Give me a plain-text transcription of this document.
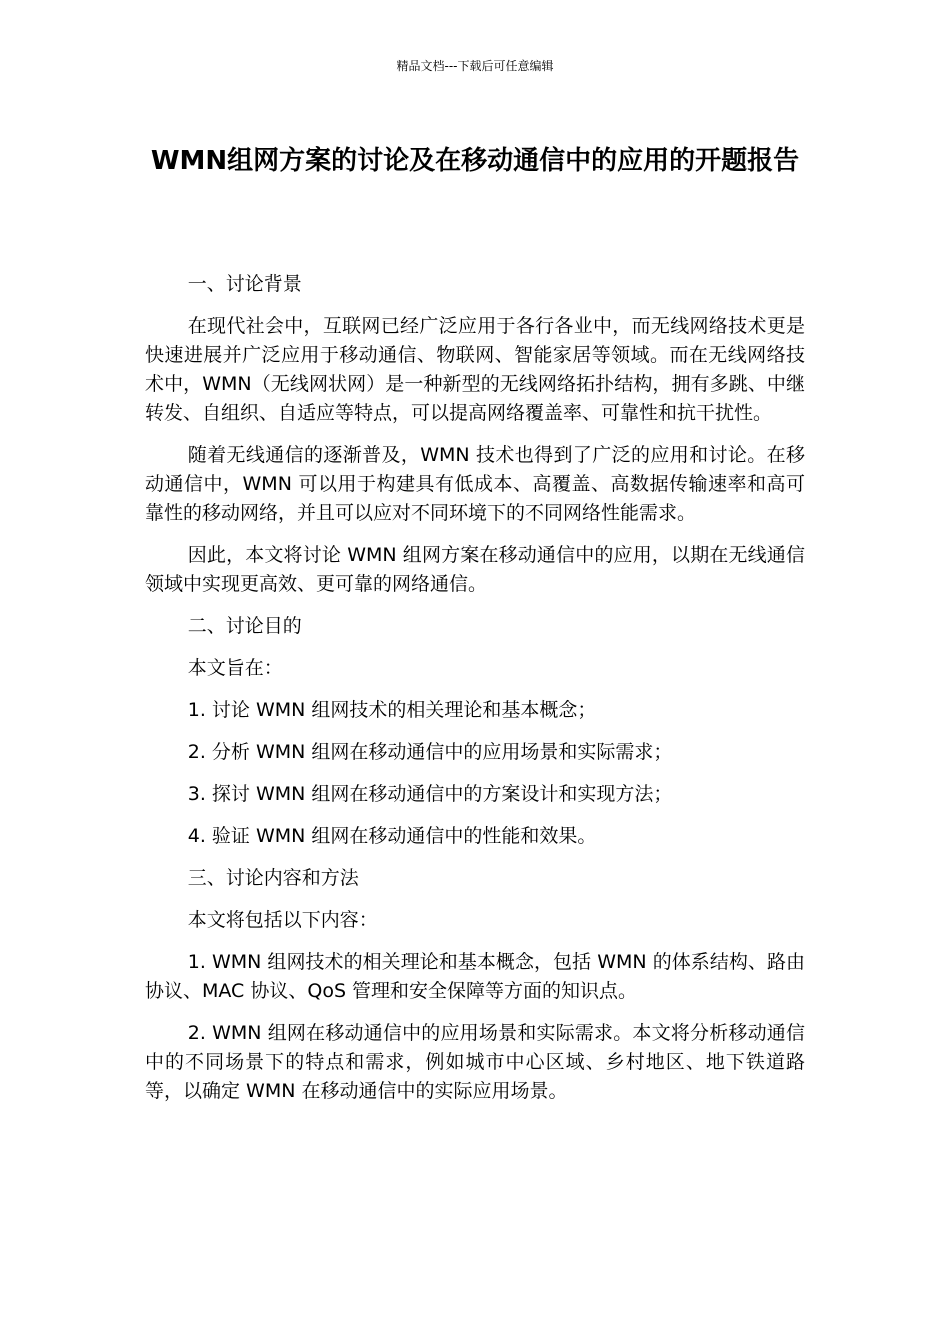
精品文档---下载后可任意编辑
WMN组网方案的讨论及在移动通信中的应用的开题报告

一、讨论背景

在现代社会中，互联网已经广泛应用于各行各业中，而无线网络技术更是快速进展并广泛应用于移动通信、物联网、智能家居等领域。而在无线网络技术中，WMN（无线网状网）是一种新型的无线网络拓扑结构，拥有多跳、中继转发、自组织、自适应等特点，可以提高网络覆盖率、可靠性和抗干扰性。

随着无线通信的逐渐普及，WMN 技术也得到了广泛的应用和讨论。在移动通信中，WMN 可以用于构建具有低成本、高覆盖、高数据传输速率和高可靠性的移动网络，并且可以应对不同环境下的不同网络性能需求。

因此，本文将讨论 WMN 组网方案在移动通信中的应用，以期在无线通信领域中实现更高效、更可靠的网络通信。

二、讨论目的

本文旨在：

1. 讨论 WMN 组网技术的相关理论和基本概念；

2. 分析 WMN 组网在移动通信中的应用场景和实际需求；

3. 探讨 WMN 组网在移动通信中的方案设计和实现方法；

4. 验证 WMN 组网在移动通信中的性能和效果。

三、讨论内容和方法

本文将包括以下内容：

1. WMN 组网技术的相关理论和基本概念，包括 WMN 的体系结构、路由协议、MAC 协议、QoS 管理和安全保障等方面的知识点。

2. WMN 组网在移动通信中的应用场景和实际需求。本文将分析移动通信中的不同场景下的特点和需求，例如城市中心区域、乡村地区、地下铁道路等，以确定 WMN 在移动通信中的实际应用场景。
